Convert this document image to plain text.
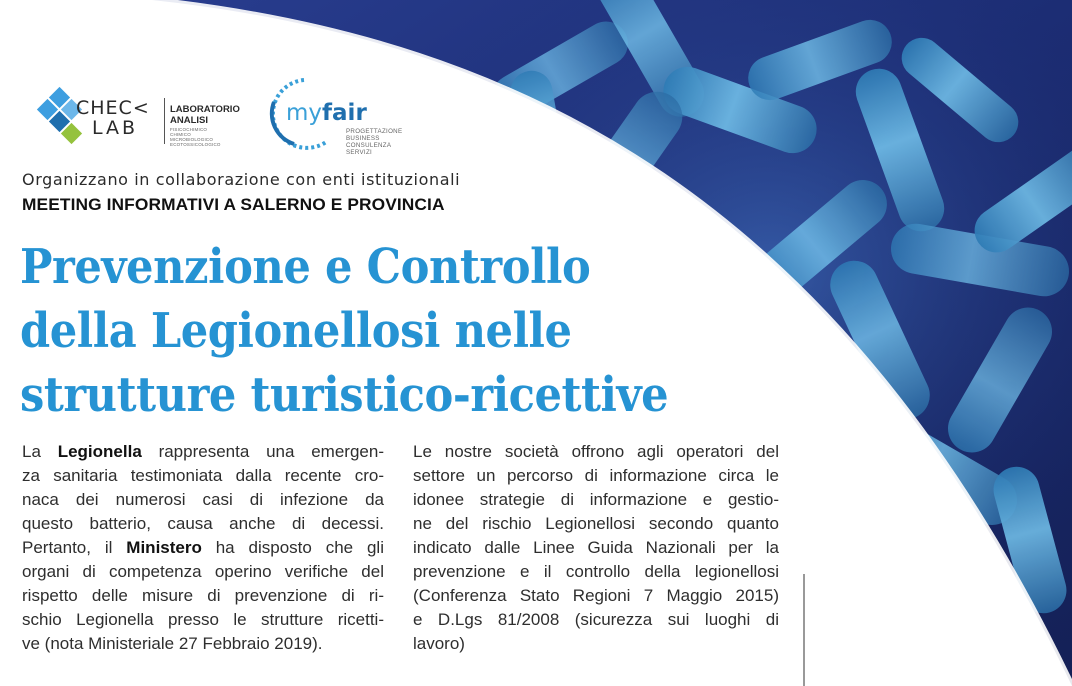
CHEC<
LAB
LABORATORIO
ANALISI
FISICOCHIMICO
CHIMICO
MICROBIOLOGICO
ECOTOSSICOLOGICO
myfair
PROGETTAZIONE
BUSINESS
CONSULENZA
SERVIZI
Organizzano in collaborazione con enti istituzionali
MEETING INFORMATIVI A SALERNO E PROVINCIA
Prevenzione e Controllo
della Legionellosi nelle
strutture turistico-ricettive
La Legionella rappresenta una emergen-
za sanitaria testimoniata dalla recente cro-
naca dei numerosi casi di infezione da
questo batterio, causa anche di decessi.
Pertanto, il Ministero ha disposto che gli
organi di competenza operino verifiche del
rispetto delle misure di prevenzione di ri-
schio Legionella presso le strutture ricetti-
ve (nota Ministeriale 27 Febbraio 2019).
Le nostre società offrono agli operatori del
settore un percorso di informazione circa le
idonee strategie di informazione e gestio-
ne del rischio Legionellosi secondo quanto
indicato dalle Linee Guida Nazionali per la
prevenzione e il controllo della legionellosi
(Conferenza Stato Regioni 7 Maggio 2015)
e D.Lgs 81/2008 (sicurezza sui luoghi di
lavoro)
